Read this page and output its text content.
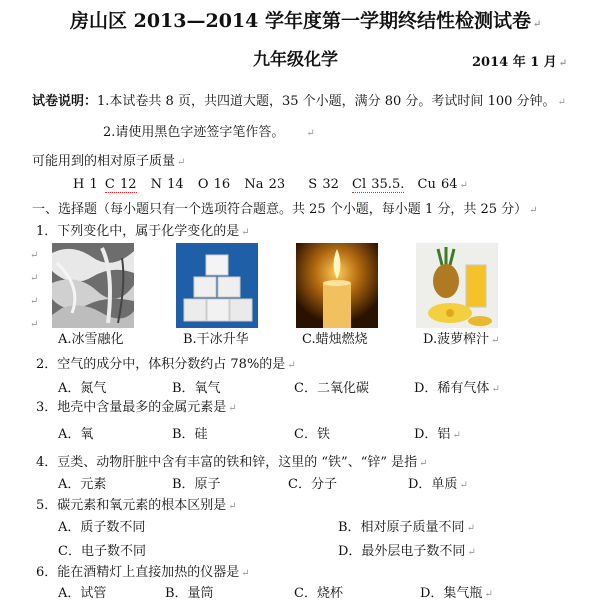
房山区 2013—2014 学年度第一学期终结性检测试卷 ↵
九年级化学	2014 年 1 月 ↵
试卷说明：1.本试卷共 8 页，共四道大题，35 个小题，满分 80 分。考试时间 100 分钟。 ↵
2.请使用黑色字迹签字笔作答。 ↵
可能用到的相对原子质量 ↵
H 1 C 12 N 14 O 16 Na 23 S 32 Cl 35.5. Cu 64 ↵
一、选择题（每小题只有一个选项符合题意。共 25 个小题，每小题 1 分，共 25 分） ↵
1．下列变化中，属于化学变化的是 ↵
↵
↵
↵
↵
A.冰雪融化	B.干冰升华	C.蜡烛燃烧	D.菠萝榨汁 ↵
2．空气的成分中，体积分数约占 78%的是 ↵
A．氮气	B．氧气	C．二氧化碳	D．稀有气体 ↵
3．地壳中含量最多的金属元素是 ↵
A．氧	B．硅	C．铁	D．铝 ↵
4．豆类、动物肝脏中含有丰富的铁和锌，这里的 “铁”、“锌” 是指 ↵
A．元素	B．原子	C．分子	D．单质 ↵
5．碳元素和氧元素的根本区别是 ↵
A．质子数不同	B．相对原子质量不同 ↵
C．电子数不同	D．最外层电子数不同 ↵
6．能在酒精灯上直接加热的仪器是 ↵
A．试管	B．量筒	C．烧杯	D．集气瓶 ↵
